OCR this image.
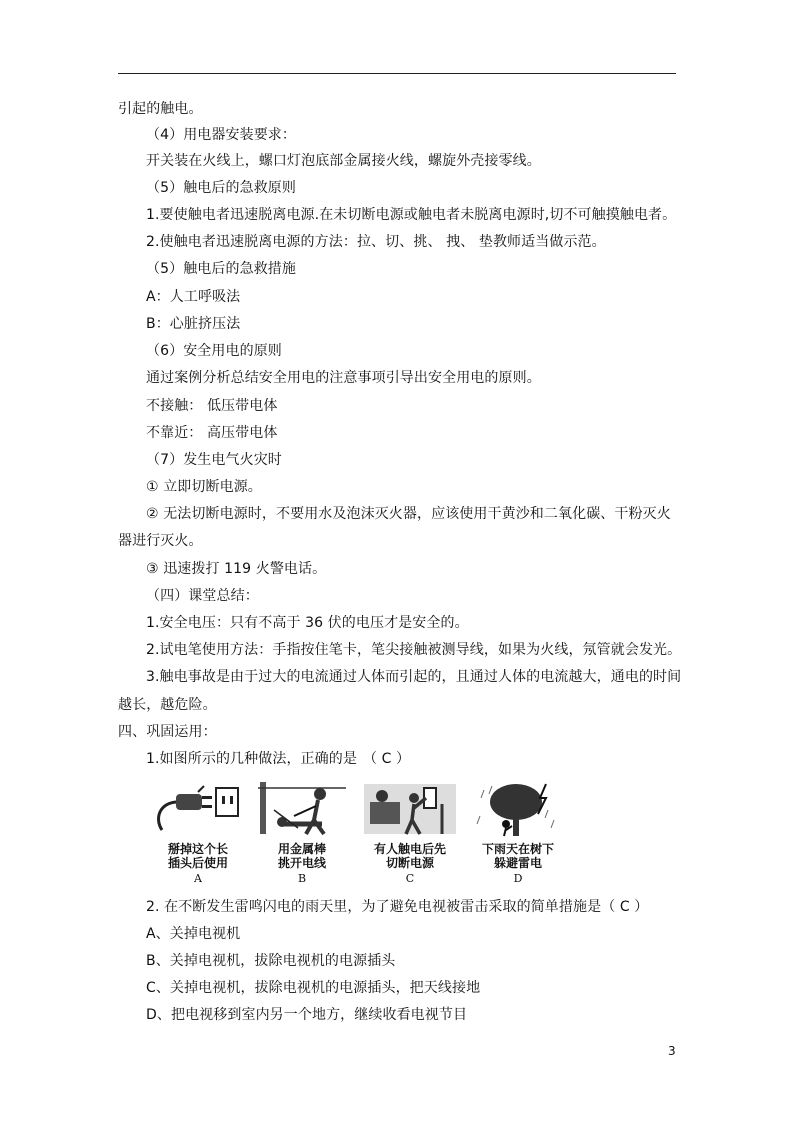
引起的触电。
（4）用电器安装要求：
开关装在火线上，螺口灯泡底部金属接火线，螺旋外壳接零线。
（5）触电后的急救原则
1.要使触电者迅速脱离电源.在未切断电源或触电者未脱离电源时,切不可触摸触电者。
2.使触电者迅速脱离电源的方法：拉、切、挑、 拽、 垫教师适当做示范。
（5）触电后的急救措施
A：人工呼吸法
B：心脏挤压法
（6）安全用电的原则
通过案例分析总结安全用电的注意事项引导出安全用电的原则。
不接触： 低压带电体
不靠近： 高压带电体
（7）发生电气火灾时
① 立即切断电源。
② 无法切断电源时，不要用水及泡沫灭火器，应该使用干黄沙和二氧化碳、干粉灭火
器进行灭火。
③ 迅速拨打 119 火警电话。
（四）课堂总结：
1.安全电压：只有不高于 36 伏的电压才是安全的。
2.试电笔使用方法：手指按住笔卡，笔尖接触被测导线，如果为火线，氖管就会发光。
3.触电事故是由于过大的电流通过人体而引起的，且通过人体的电流越大，通电的时间
越长，越危险。
四、巩固运用：
1.如图所示的几种做法，正确的是 （ C ）
掰掉这个长
插头后使用
A
用金属棒
挑开电线
B
有人触电后先
切断电源
C
下雨天在树下
躲避雷电
D
2. 在不断发生雷鸣闪电的雨天里，为了避免电视被雷击采取的简单措施是（ C ）
A、关掉电视机
B、关掉电视机，拔除电视机的电源插头
C、关掉电视机，拔除电视机的电源插头，把天线接地
D、把电视移到室内另一个地方，继续收看电视节目
3
